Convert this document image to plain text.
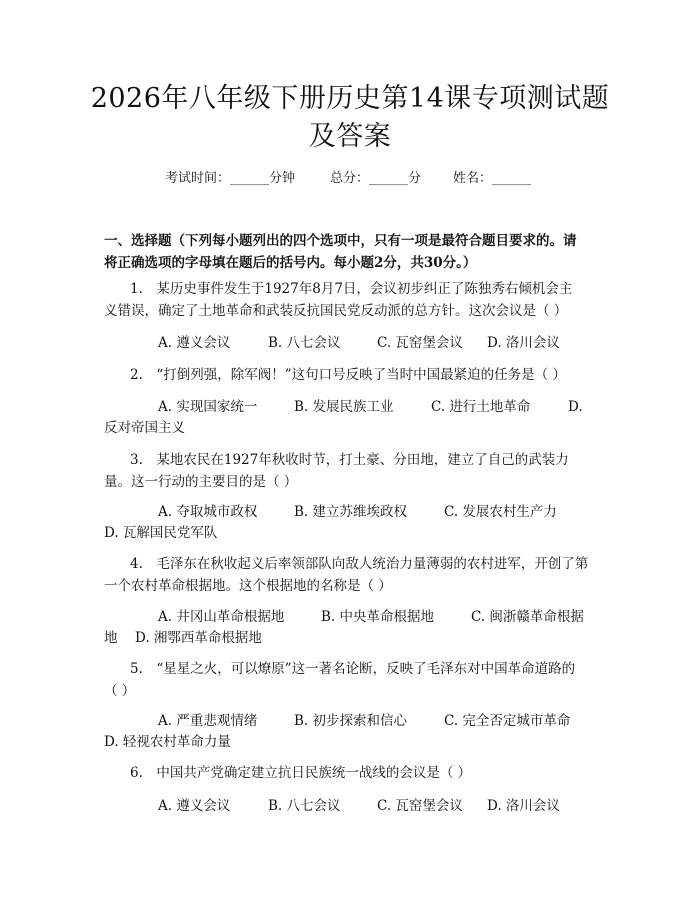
2026年八年级下册历史第14课专项测试题
及答案
考试时间：______分钟	总分：______分 姓名：______
一、选择题（下列每小题列出的四个选项中，只有一项是最符合题目要求的。请
将正确选项的字母填在题后的括号内。每小题2分，共30分。）
1.　某历史事件发生于1927年8月7日，会议初步纠正了陈独秀右倾机会主
义错误，确定了土地革命和武装反抗国民党反动派的总方针。这次会议是（ ）
A. 遵义会议	B. 八七会议	C. 瓦窑堡会议 D. 洛川会议
2.　“打倒列强，除军阀！”这句口号反映了当时中国最紧迫的任务是（ ）
A. 实现国家统一	B. 发展民族工业	C. 进行土地革命	D.
反对帝国主义
3.　某地农民在1927年秋收时节，打土豪、分田地，建立了自己的武装力
量。这一行动的主要目的是（ ）
A. 夺取城市政权	B. 建立苏维埃政权	C. 发展农村生产力
D. 瓦解国民党军队
4.　毛泽东在秋收起义后率领部队向敌人统治力量薄弱的农村进军，开创了第
一个农村革命根据地。这个根据地的名称是（ ）
A. 井冈山革命根据地	B. 中央革命根据地	C. 闽浙赣革命根据
地 D. 湘鄂西革命根据地
5.　“星星之火，可以燎原”这一著名论断，反映了毛泽东对中国革命道路的
（ ）
A. 严重悲观情绪	B. 初步探索和信心	C. 完全否定城市革命
D. 轻视农村革命力量
6.　中国共产党确定建立抗日民族统一战线的会议是（ ）
A. 遵义会议	B. 八七会议	C. 瓦窑堡会议 D. 洛川会议
